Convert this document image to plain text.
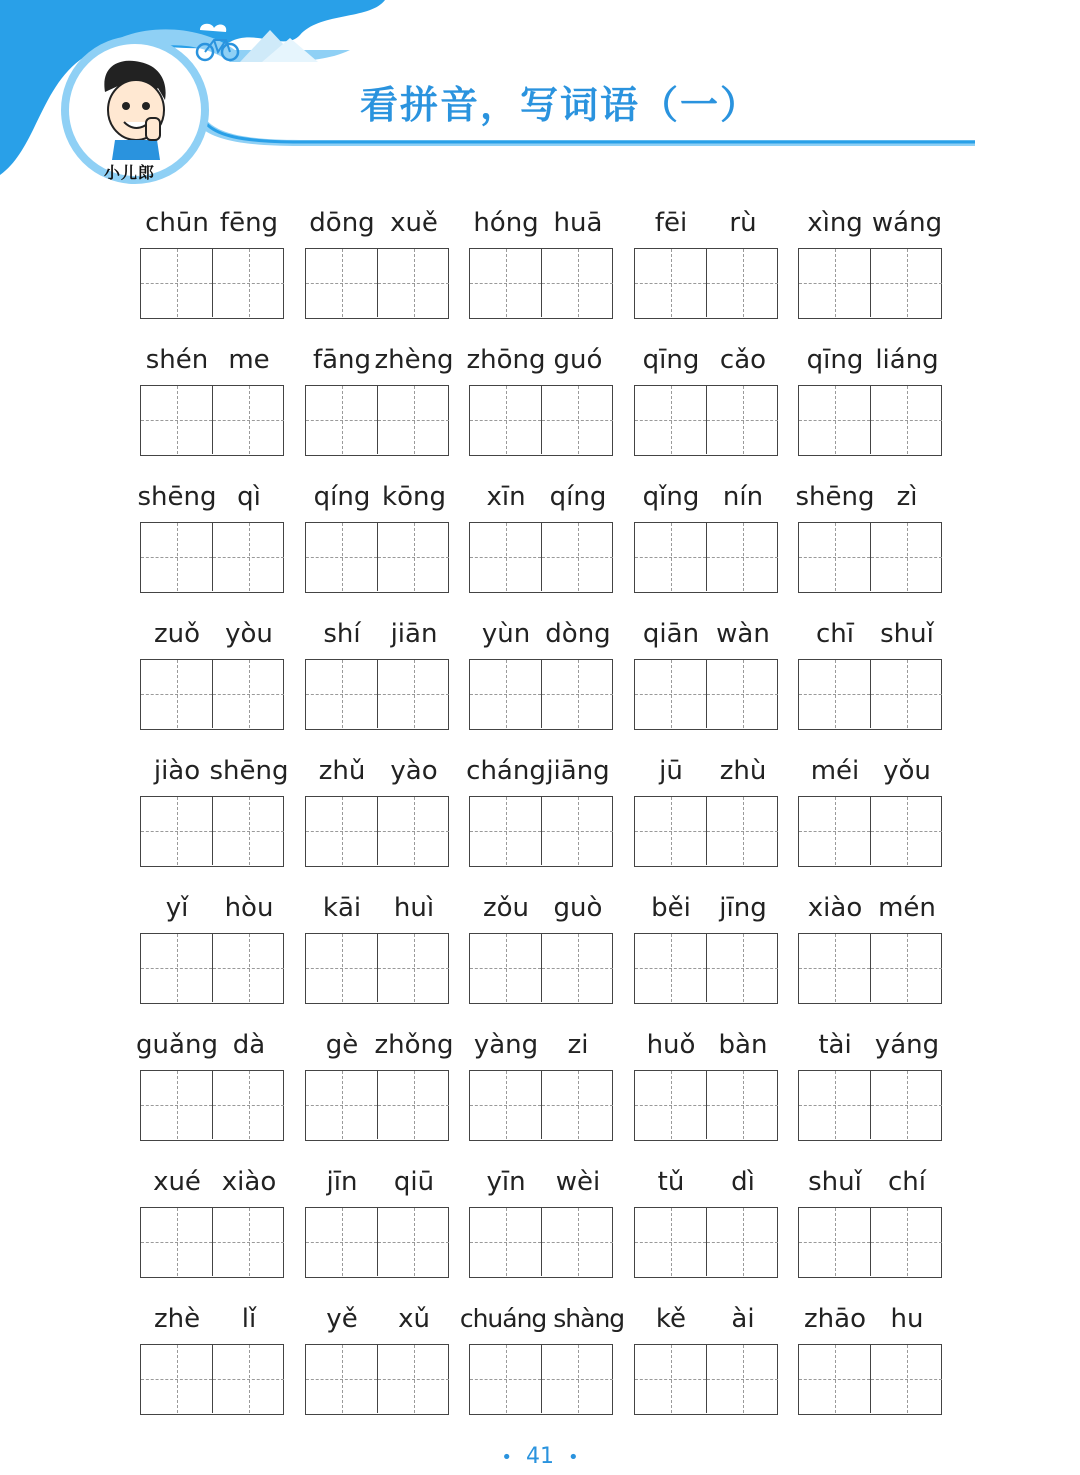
小儿郎
看拼音，写词语（一）
chūn fēng dōng xuě hóng huā fēi rù xìng wáng
shén me fāng zhèng zhōng guó qīng cǎo qīng liáng
shēng qì qíng kōng xīn qíng qǐng nín shēng zì
zuǒ yòu shí jiān yùn dòng qiān wàn chī shuǐ
jiào shēng zhǔ yào cháng jiāng jū zhù méi yǒu
yǐ hòu kāi huì zǒu guò běi jīng xiào mén
guǎng dà gè zhǒng yàng zi huǒ bàn tài yáng
xué xiào jīn qiū yīn wèi tǔ dì shuǐ chí
zhè lǐ	yě xǔ chuáng shàng kě ài zhāo hu
• 41 •
